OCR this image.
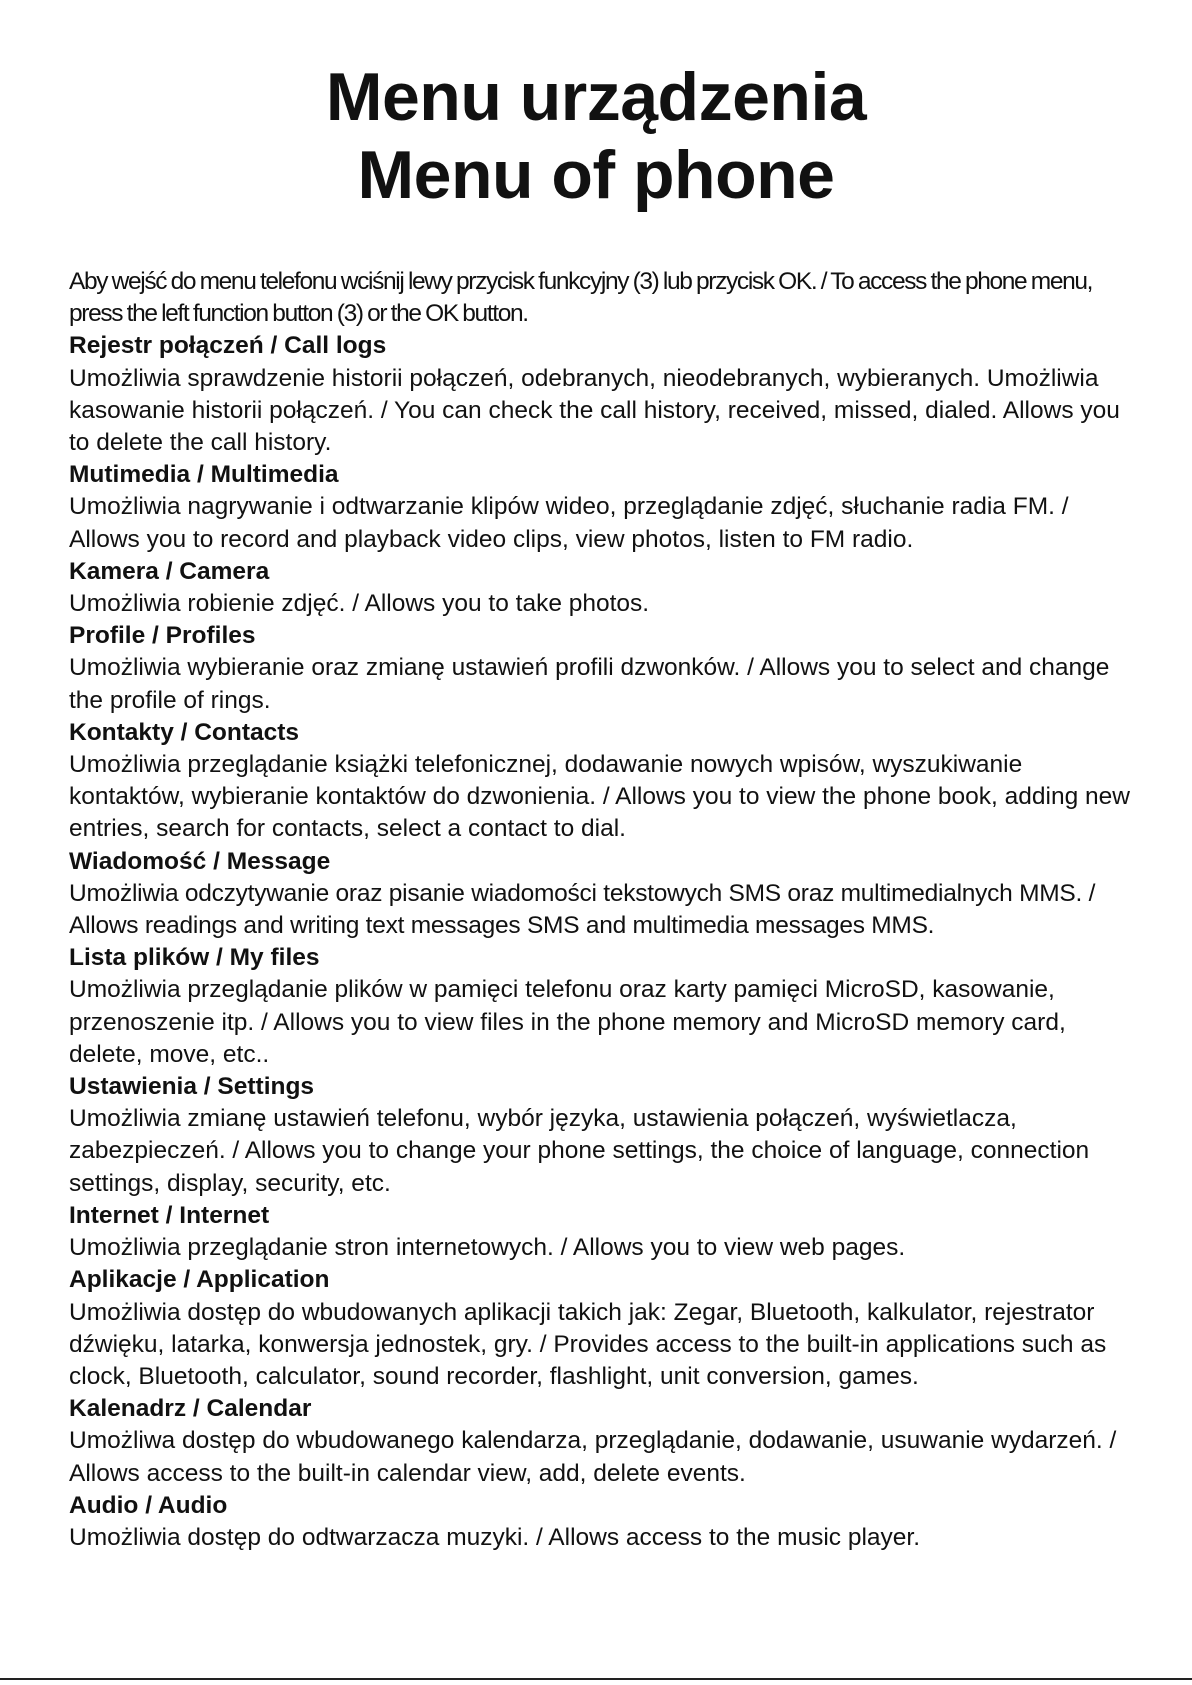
Menu urządzenia
Menu of phone

Aby wejść do menu telefonu wciśnij lewy przycisk funkcyjny (3) lub przycisk OK. / To access the phone menu, press the left function button (3) or the OK button.

Rejestr połączeń / Call logs

Umożliwia sprawdzenie historii połączeń, odebranych, nieodebranych, wybieranych. Umożliwia kasowanie historii połączeń. / You can check the call history, received, missed, dialed. Allows you to delete the call history.

Mutimedia / Multimedia

Umożliwia nagrywanie i odtwarzanie klipów wideo, przeglądanie zdjęć, słuchanie radia FM. / Allows you to record and playback video clips, view photos, listen to FM radio.

Kamera / Camera

Umożliwia robienie zdjęć. / Allows you to take photos.

Profile / Profiles

Umożliwia wybieranie oraz zmianę ustawień profili dzwonków. / Allows you to select and change the profile of rings.

Kontakty / Contacts

Umożliwia przeglądanie książki telefonicznej, dodawanie nowych wpisów, wyszukiwanie kontaktów, wybieranie kontaktów do dzwonienia. / Allows you to view the phone book, adding new entries, search for contacts, select a contact to dial.

Wiadomość / Message

Umożliwia odczytywanie oraz pisanie wiadomości tekstowych SMS oraz multimedialnych MMS. / Allows readings and writing text messages SMS and multimedia messages MMS.

Lista plików / My files

Umożliwia przeglądanie plików w pamięci telefonu oraz karty pamięci MicroSD, kasowanie, przenoszenie itp. / Allows you to view files in the phone memory and MicroSD memory card, delete, move, etc..

Ustawienia / Settings

Umożliwia zmianę ustawień telefonu, wybór języka, ustawienia połączeń, wyświetlacza, zabezpieczeń. / Allows you to change your phone settings, the choice of language, connection settings, display, security, etc.

Internet / Internet

Umożliwia przeglądanie stron internetowych. / Allows you to view web pages.

Aplikacje / Application

Umożliwia dostęp do wbudowanych aplikacji takich jak: Zegar, Bluetooth, kalkulator, rejestrator dźwięku, latarka, konwersja jednostek, gry. / Provides access to the built-in applications such as clock, Bluetooth, calculator, sound recorder, flashlight, unit conversion, games.

Kalenadrz / Calendar

Umożliwa dostęp do wbudowanego kalendarza, przeglądanie, dodawanie, usuwanie wydarzeń. / Allows access to the built-in calendar view, add, delete events.

Audio / Audio

Umożliwia dostęp do odtwarzacza muzyki. / Allows access to the music player.
